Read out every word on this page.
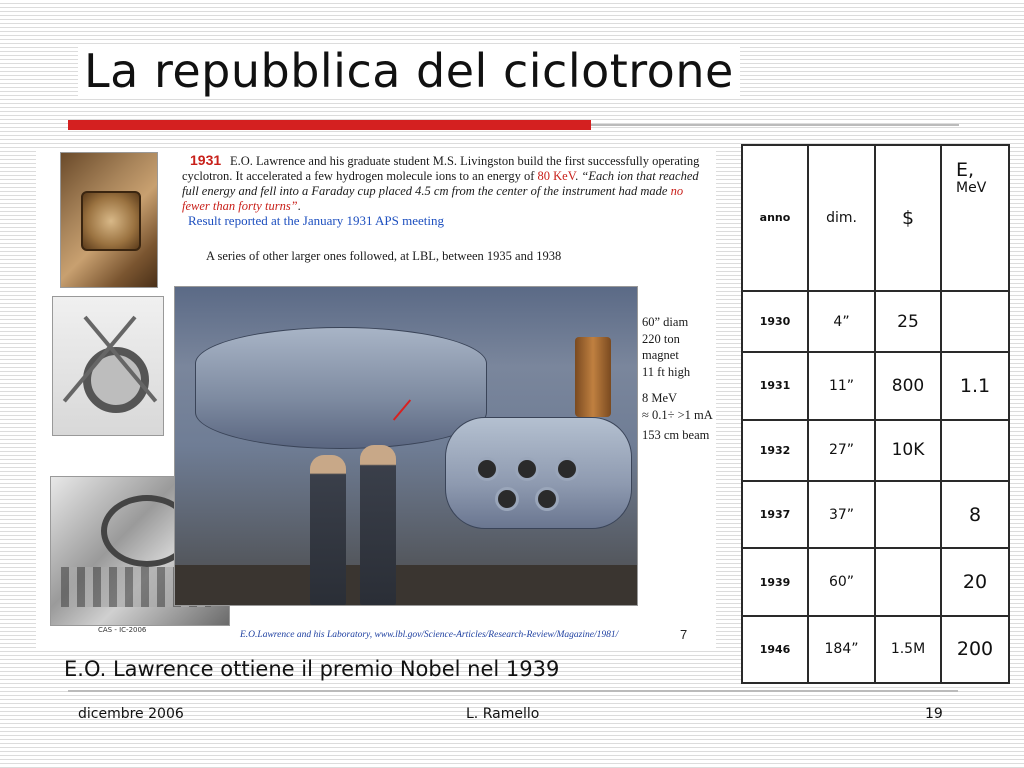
La repubblica del ciclotrone
CAS - IC-2006
1931 E.O. Lawrence and his graduate student M.S. Livingston build the first successfully operating cyclotron. It accelerated a few hydrogen molecule ions to an energy of 80 KeV. “Each ion that reached full energy and fell into a Faraday cup placed 4.5 cm from the center of the instrument had made no fewer than forty turns”.
Result reported at the January 1931 APS meeting
A series of other larger ones followed, at LBL, between 1935 and 1938
60” diam
220 ton magnet
11 ft high
8 MeV
≈ 0.1÷ >1 mA
153 cm beam
E.O.Lawrence and his Laboratory, www.lbl.gov/Science-Articles/Research-Review/Magazine/1981/	7
E.O. Lawrence ottiene il premio Nobel nel 1939
anno	dim.	$	E,
MeV

1930	4”	25	
1931	11”	800	1.1
1932	27”	10K	
1937	37”		8
1939	60”		20
1946	184”	1.5M	200
dicembre 2006	L. Ramello	19
